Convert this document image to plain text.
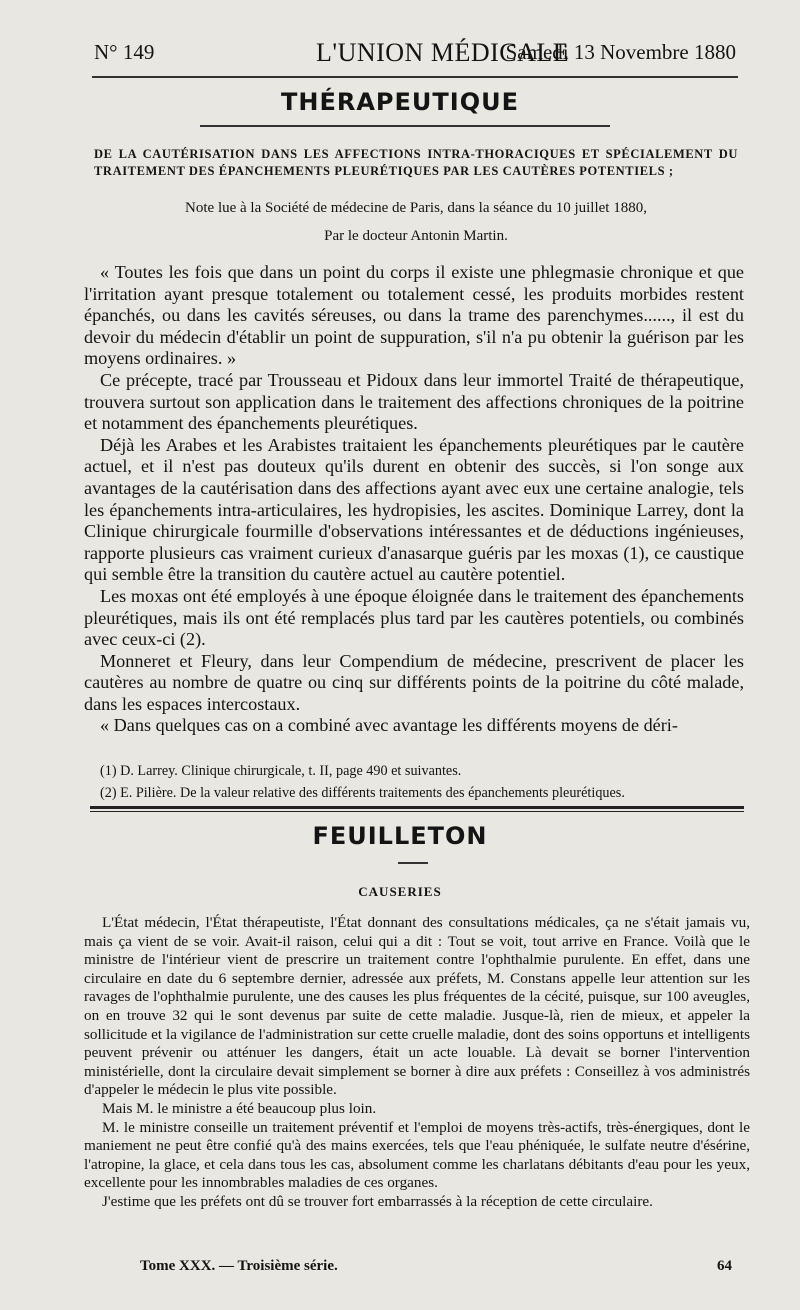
N° 149	L'UNION MÉDICALE
Samedi 13 Novembre 1880
THÉRAPEUTIQUE
DE LA CAUTÉRISATION DANS LES AFFECTIONS INTRA-THORACIQUES ET SPÉCIALEMENT DU TRAITEMENT DES ÉPANCHEMENTS PLEURÉTIQUES PAR LES CAUTÈRES POTENTIELS ;
Note lue à la Société de médecine de Paris, dans la séance du 10 juillet 1880,
Par le docteur Antonin Martin.

« Toutes les fois que dans un point du corps il existe une phlegmasie chronique et que l'irritation ayant presque totalement ou totalement cessé, les produits morbides restent épanchés, ou dans les cavités séreuses, ou dans la trame des parenchymes......, il est du devoir du médecin d'établir un point de suppuration, s'il n'a pu obtenir la guérison par les moyens ordinaires. »

Ce précepte, tracé par Trousseau et Pidoux dans leur immortel Traité de thérapeutique, trouvera surtout son application dans le traitement des affections chroniques de la poitrine et notamment des épanchements pleurétiques.

Déjà les Arabes et les Arabistes traitaient les épanchements pleurétiques par le cautère actuel, et il n'est pas douteux qu'ils durent en obtenir des succès, si l'on songe aux avantages de la cautérisation dans des affections ayant avec eux une certaine analogie, tels les épanchements intra-articulaires, les hydropisies, les ascites. Dominique Larrey, dont la Clinique chirurgicale fourmille d'observations intéressantes et de déductions ingénieuses, rapporte plusieurs cas vraiment curieux d'anasarque guéris par les moxas (1), ce caustique qui semble être la transition du cautère actuel au cautère potentiel.

Les moxas ont été employés à une époque éloignée dans le traitement des épanchements pleurétiques, mais ils ont été remplacés plus tard par les cautères potentiels, ou combinés avec ceux-ci (2).

Monneret et Fleury, dans leur Compendium de médecine, prescrivent de placer les cautères au nombre de quatre ou cinq sur différents points de la poitrine du côté malade, dans les espaces intercostaux.

« Dans quelques cas on a combiné avec avantage les différents moyens de déri-

(1) D. Larrey. Clinique chirurgicale, t. II, page 490 et suivantes.

(2) E. Pilière. De la valeur relative des différents traitements des épanchements pleurétiques.

FEUILLETON
CAUSERIES

L'État médecin, l'État thérapeutiste, l'État donnant des consultations médicales, ça ne s'était jamais vu, mais ça vient de se voir. Avait-il raison, celui qui a dit : Tout se voit, tout arrive en France. Voilà que le ministre de l'intérieur vient de prescrire un traitement contre l'ophthalmie purulente. En effet, dans une circulaire en date du 6 septembre dernier, adressée aux préfets, M. Constans appelle leur attention sur les ravages de l'ophthalmie purulente, une des causes les plus fréquentes de la cécité, puisque, sur 100 aveugles, on en trouve 32 qui le sont devenus par suite de cette maladie. Jusque-là, rien de mieux, et appeler la sollicitude et la vigilance de l'administration sur cette cruelle maladie, dont des soins opportuns et intelligents peuvent prévenir ou atténuer les dangers, était un acte louable. Là devait se borner l'intervention ministérielle, dont la circulaire devait simplement se borner à dire aux préfets : Conseillez à vos administrés d'appeler le médecin le plus vite possible.

Mais M. le ministre a été beaucoup plus loin.

M. le ministre conseille un traitement préventif et l'emploi de moyens très-actifs, très-énergiques, dont le maniement ne peut être confié qu'à des mains exercées, tels que l'eau phéniquée, le sulfate neutre d'ésérine, l'atropine, la glace, et cela dans tous les cas, absolument comme les charlatans débitants d'eau pour les yeux, excellente pour les innombrables maladies de ces organes.

J'estime que les préfets ont dû se trouver fort embarrassés à la réception de cette circulaire.

Tome XXX. — Troisième série.	64
